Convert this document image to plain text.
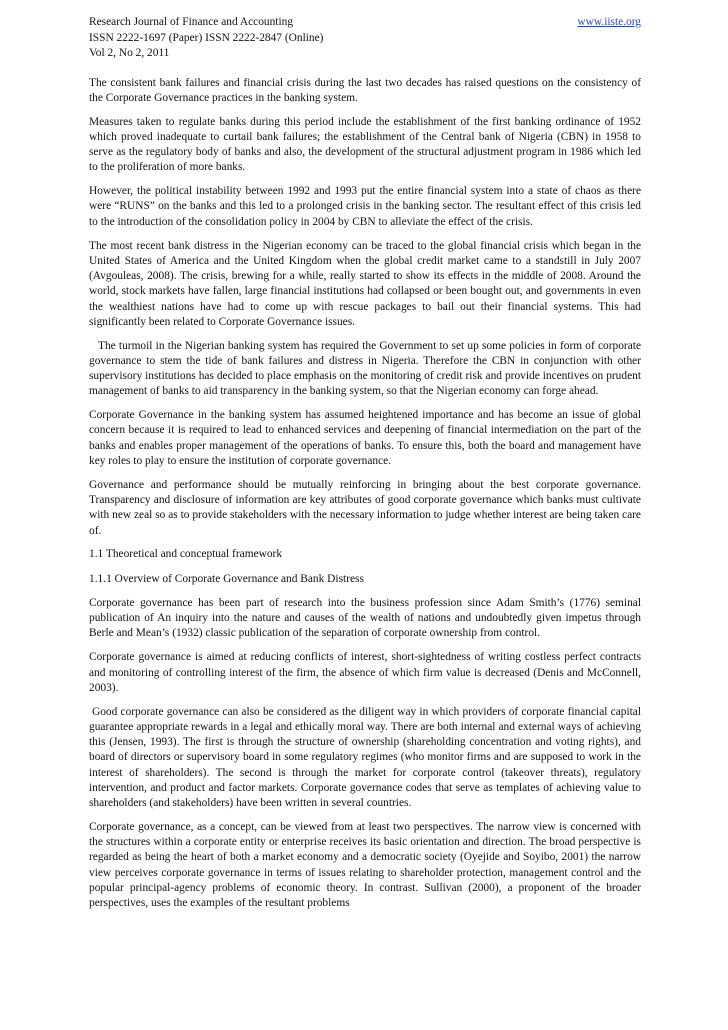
Research Journal of Finance and Accounting	www.iiste.org
ISSN 2222-1697 (Paper) ISSN 2222-2847 (Online)
Vol 2, No 2, 2011

The consistent bank failures and financial crisis during the last two decades has raised questions on the consistency of the Corporate Governance practices in the banking system.

Measures taken to regulate banks during this period include the establishment of the first banking ordinance of 1952 which proved inadequate to curtail bank failures; the establishment of the Central bank of Nigeria (CBN) in 1958 to serve as the regulatory body of banks and also, the development of the structural adjustment program in 1986 which led to the proliferation of more banks.

However, the political instability between 1992 and 1993 put the entire financial system into a state of chaos as there were “RUNS” on the banks and this led to a prolonged crisis in the banking sector. The resultant effect of this crisis led to the introduction of the consolidation policy in 2004 by CBN to alleviate the effect of the crisis.

The most recent bank distress in the Nigerian economy can be traced to the global financial crisis which began in the United States of America and the United Kingdom when the global credit market came to a standstill in July 2007 (Avgouleas, 2008). The crisis, brewing for a while, really started to show its effects in the middle of 2008. Around the world, stock markets have fallen, large financial institutions had collapsed or been bought out, and governments in even the wealthiest nations have had to come up with rescue packages to bail out their financial systems. This had significantly been related to Corporate Governance issues.

The turmoil in the Nigerian banking system has required the Government to set up some policies in form of corporate governance to stem the tide of bank failures and distress in Nigeria. Therefore the CBN in conjunction with other supervisory institutions has decided to place emphasis on the monitoring of credit risk and provide incentives on prudent management of banks to aid transparency in the banking system, so that the Nigerian economy can forge ahead.

Corporate Governance in the banking system has assumed heightened importance and has become an issue of global concern because it is required to lead to enhanced services and deepening of financial intermediation on the part of the banks and enables proper management of the operations of banks. To ensure this, both the board and management have key roles to play to ensure the institution of corporate governance.

Governance and performance should be mutually reinforcing in bringing about the best corporate governance. Transparency and disclosure of information are key attributes of good corporate governance which banks must cultivate with new zeal so as to provide stakeholders with the necessary information to judge whether interest are being taken care of.

1.1 Theoretical and conceptual framework
1.1.1 Overview of Corporate Governance and Bank Distress

Corporate governance has been part of research into the business profession since Adam Smith’s (1776) seminal publication of An inquiry into the nature and causes of the wealth of nations and undoubtedly given impetus through Berle and Mean’s (1932) classic publication of the separation of corporate ownership from control.

Corporate governance is aimed at reducing conflicts of interest, short-sightedness of writing costless perfect contracts and monitoring of controlling interest of the firm, the absence of which firm value is decreased (Denis and McConnell, 2003).

Good corporate governance can also be considered as the diligent way in which providers of corporate financial capital guarantee appropriate rewards in a legal and ethically moral way. There are both internal and external ways of achieving this (Jensen, 1993). The first is through the structure of ownership (shareholding concentration and voting rights), and board of directors or supervisory board in some regulatory regimes (who monitor firms and are supposed to work in the interest of shareholders). The second is through the market for corporate control (takeover threats), regulatory intervention, and product and factor markets. Corporate governance codes that serve as templates of achieving value to shareholders (and stakeholders) have been written in several countries.

Corporate governance, as a concept, can be viewed from at least two perspectives. The narrow view is concerned with the structures within a corporate entity or enterprise receives its basic orientation and direction. The broad perspective is regarded as being the heart of both a market economy and a democratic society (Oyejide and Soyibo, 2001) the narrow view perceives corporate governance in terms of issues relating to shareholder protection, management control and the popular principal-agency problems of economic theory. In contrast. Sullivan (2000), a proponent of the broader perspectives, uses the examples of the resultant problems
